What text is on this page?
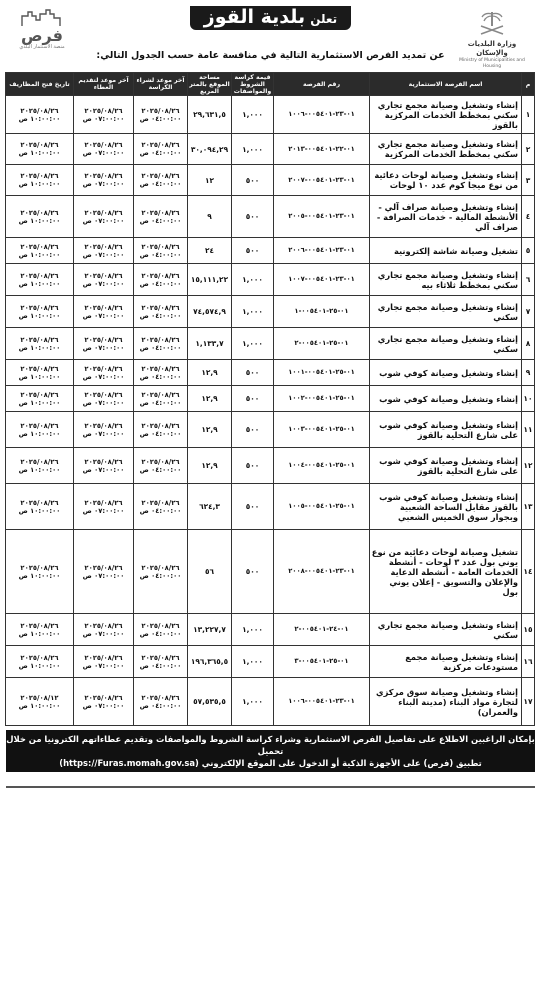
فرص
منصة الاستثمار البلدي
تعلن بلدية القوز
عن تمديد الفرص الاستثمارية التالية في منافسة عامة حسب الجدول التالي:
وزارة البلديات والإسكان
Ministry of Municipalities and Housing
م	اسم الفرصة الاستثمارية	رقم الفرصة	قيمة كراسة الشروط والمواصفات	مساحة الموقع بالمتر المربع	آخر موعد لشراء الكراسة	آخر موعد لتقديم العطاء	تاريخ فتح المظاريف
١	إنشاء وتشغيل وصيانة مجمع تجاري سكني بمخطط الخدمات المركزية بالقوز	٠١-٢٣-٠٠٥٤٠١-١٠٠٦	١,٠٠٠	٢٩,٦٣١,٥	٢٠٢٥/٠٨/٢٦ ٠٤:٠٠:٠٠ ص	٢٠٢٥/٠٨/٢٦ ٠٧:٠٠:٠٠ ص	٢٠٢٥/٠٨/٢٦ ١٠:٠٠:٠٠ ص
٢	إنشاء وتشغيل وصيانة مجمع تجاري سكني بمخطط الخدمات المركزية	٠١-٢٢-٠٠٥٤٠١-٢٠١٣	١,٠٠٠	٣٠,٠٩٤,٢٩	٢٠٢٥/٠٨/٢٦ ٠٤:٠٠:٠٠ ص	٢٠٢٥/٠٨/٢٦ ٠٧:٠٠:٠٠ ص	٢٠٢٥/٠٨/٢٦ ١٠:٠٠:٠٠ ص
٣	إنشاء وتشغيل وصيانة لوحات دعائية من نوع ميجا كوم عدد ١٠ لوحات	٠١-٢٣-٠٠٥٤٠١-٢٠٠٧	٥٠٠	١٢	٢٠٢٥/٠٨/٢٦ ٠٤:٠٠:٠٠ ص	٢٠٢٥/٠٨/٢٦ ٠٧:٠٠:٠٠ ص	٢٠٢٥/٠٨/٢٦ ١٠:٠٠:٠٠ ص
٤	إنشاء وتشغيل وصيانة صراف آلي - الأنشطة المالية - خدمات الصرافة - صراف آلي	٠١-٢٣-٠٠٥٤٠١-٢٠٠٥	٥٠٠	٩	٢٠٢٥/٠٨/٢٦ ٠٤:٠٠:٠٠ ص	٢٠٢٥/٠٨/٢٦ ٠٧:٠٠:٠٠ ص	٢٠٢٥/٠٨/٢٦ ١٠:٠٠:٠٠ ص
٥	تشغيل وصيانة شاشة إلكترونية	٠١-٢٣-٠٠٥٤٠١-٢٠٠٦	٥٠٠	٢٤	٢٠٢٥/٠٨/٢٦ ٠٤:٠٠:٠٠ ص	٢٠٢٥/٠٨/٢٦ ٠٧:٠٠:٠٠ ص	٢٠٢٥/٠٨/٢٦ ١٠:٠٠:٠٠ ص
٦	إنشاء وتشغيل وصيانة مجمع تجاري سكني بمخطط ثلاثاء بيه	٠١-٢٣-٠٠٥٤٠١-١٠٠٧	١,٠٠٠	١٥,١١١,٢٢	٢٠٢٥/٠٨/٢٦ ٠٤:٠٠:٠٠ ص	٢٠٢٥/٠٨/٢٦ ٠٧:٠٠:٠٠ ص	٢٠٢٥/٠٨/٢٦ ١٠:٠٠:٠٠ ص
٧	إنشاء وتشغيل وصيانة مجمع تجاري سكني	٠١-٢٥-٠٠٥٤٠١-١	١,٠٠٠	٧٤,٥٧٤,٩	٢٠٢٥/٠٨/٢٦ ٠٤:٠٠:٠٠ ص	٢٠٢٥/٠٨/٢٦ ٠٧:٠٠:٠٠ ص	٢٠٢٥/٠٨/٢٦ ١٠:٠٠:٠٠ ص
٨	إنشاء وتشغيل وصيانة مجمع تجاري سكني	٠١-٢٥-٠٠٥٤٠١-٢	١,٠٠٠	١,١٣٣,٧	٢٠٢٥/٠٨/٢٦ ٠٤:٠٠:٠٠ ص	٢٠٢٥/٠٨/٢٦ ٠٧:٠٠:٠٠ ص	٢٠٢٥/٠٨/٢٦ ١٠:٠٠:٠٠ ص
٩	إنشاء وتشغيل وصيانة كوفي شوب	٠١-٢٥-٠٠٥٤٠١-١٠٠١	٥٠٠	١٢,٩	٢٠٢٥/٠٨/٢٦ ٠٤:٠٠:٠٠ ص	٢٠٢٥/٠٨/٢٦ ٠٧:٠٠:٠٠ ص	٢٠٢٥/٠٨/٢٦ ١٠:٠٠:٠٠ ص
١٠	إنشاء وتشغيل وصيانة كوفي شوب	٠١-٢٥-٠٠٥٤٠١-١٠٠٢	٥٠٠	١٢,٩	٢٠٢٥/٠٨/٢٦ ٠٤:٠٠:٠٠ ص	٢٠٢٥/٠٨/٢٦ ٠٧:٠٠:٠٠ ص	٢٠٢٥/٠٨/٢٦ ١٠:٠٠:٠٠ ص
١١	إنشاء وتشغيل وصيانة كوفي شوب على شارع التحلية بالقوز	٠١-٢٥-٠٠٥٤٠١-١٠٠٣	٥٠٠	١٢,٩	٢٠٢٥/٠٨/٢٦ ٠٤:٠٠:٠٠ ص	٢٠٢٥/٠٨/٢٦ ٠٧:٠٠:٠٠ ص	٢٠٢٥/٠٨/٢٦ ١٠:٠٠:٠٠ ص
١٢	إنشاء وتشغيل وصيانة كوفي شوب على شارع التحلية بالقوز	٠١-٢٥-٠٠٥٤٠١-١٠٠٤	٥٠٠	١٢,٩	٢٠٢٥/٠٨/٢٦ ٠٤:٠٠:٠٠ ص	٢٠٢٥/٠٨/٢٦ ٠٧:٠٠:٠٠ ص	٢٠٢٥/٠٨/٢٦ ١٠:٠٠:٠٠ ص
١٣	إنشاء وتشغيل وصيانة كوفي شوب بالقوز مقابل الساحة الشعبية وبجوار سوق الخميس الشعبي	٠١-٢٥-٠٠٥٤٠١-١٠٠٥	٥٠٠	٦٢٤,٣	٢٠٢٥/٠٨/٢٦ ٠٤:٠٠:٠٠ ص	٢٠٢٥/٠٨/٢٦ ٠٧:٠٠:٠٠ ص	٢٠٢٥/٠٨/٢٦ ١٠:٠٠:٠٠ ص
١٤	تشغيل وصيانة لوحات دعائية من نوع يوني بول عدد ٣ لوحات - أنشطة الخدمات العامة - أنشطة الدعاية والإعلان والتسويق - إعلان يوني بول	٠١-٢٣-٠٠٥٤٠١-٢٠٠٨	٥٠٠	٥٦	٢٠٢٥/٠٨/٢٦ ٠٤:٠٠:٠٠ ص	٢٠٢٥/٠٨/٢٦ ٠٧:٠٠:٠٠ ص	٢٠٢٥/٠٨/٢٦ ١٠:٠٠:٠٠ ص
١٥	إنشاء وتشغيل وصيانة مجمع تجاري سكني	٠١-٢٤-٠٠٥٤٠١-٢	١,٠٠٠	١٣,٢٢٧,٧	٢٠٢٥/٠٨/٢٦ ٠٤:٠٠:٠٠ ص	٢٠٢٥/٠٨/٢٦ ٠٧:٠٠:٠٠ ص	٢٠٢٥/٠٨/٢٦ ١٠:٠٠:٠٠ ص
١٦	إنشاء وتشغيل وصيانة مجمع مستودعات مركزية	٠١-٢٥-٠٠٥٤٠١-٣	١,٠٠٠	١٩٦,٣٦٥,٥	٢٠٢٥/٠٨/٢٦ ٠٤:٠٠:٠٠ ص	٢٠٢٥/٠٨/٢٦ ٠٧:٠٠:٠٠ ص	٢٠٢٥/٠٨/٢٦ ١٠:٠٠:٠٠ ص
١٧	إنشاء وتشغيل وصيانة سوق مركزي لتجارة مواد البناء (مدينة البناء والعمران)	٠١-٢٣-٠٠٥٤٠١-١٠٠٦	١,٠٠٠	٥٧,٥٣٥,٥	٢٠٢٥/٠٨/٢٦ ٠٤:٠٠:٠٠ ص	٢٠٢٥/٠٨/٢٦ ٠٧:٠٠:٠٠ ص	٢٠٢٥/٠٨/١٢ ١٠:٠٠:٠٠ ص
بإمكان الراغبين الاطلاع على تفاصيل الفرص الاستثمارية وشراء كراسة الشروط والمواصفات وتقديم عطاءاتهم الكترونيا من خلال تحميل
تطبيق (فرص) على الأجهزة الذكية أو الدخول على الموقع الإلكتروني (https://Furas.momah.gov.sa)
